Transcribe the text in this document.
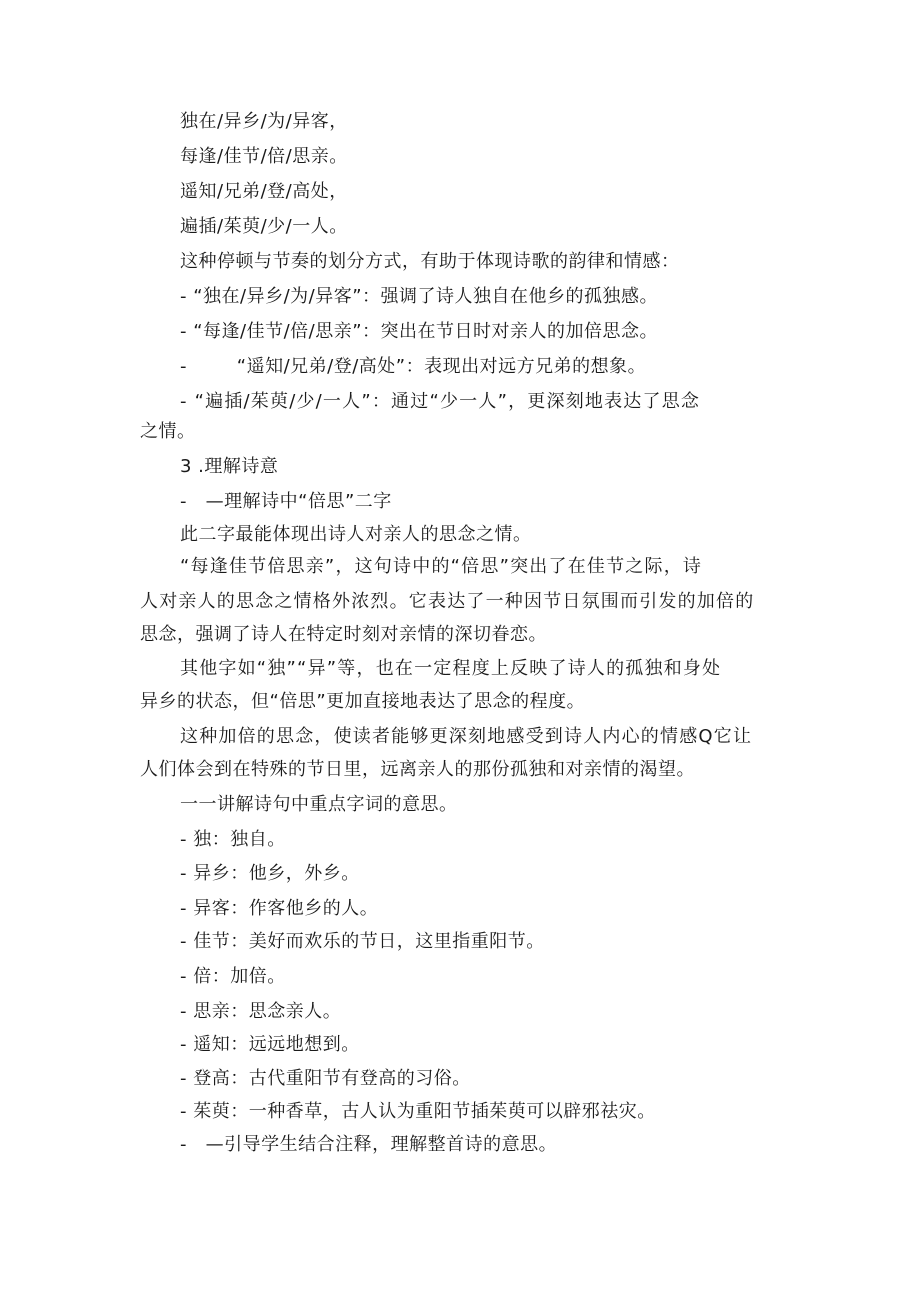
独在/异乡/为/异客，
每逢/佳节/倍/思亲。
遥知/兄弟/登/高处，
遍插/茱萸/少/一人。
这种停顿与节奏的划分方式，有助于体现诗歌的韵律和情感：
- “独在/异乡/为/异客”：强调了诗人独自在他乡的孤独感。
- “每逢/佳节/倍/思亲”：突出在节日时对亲人的加倍思念。
-        “遥知/兄弟/登/高处”：表现出对远方兄弟的想象。
- “遍插/茱萸/少/一人”：通过“少一人”，更深刻地表达了思念
之情。
3 .理解诗意
-   —理解诗中“倍思”二字
此二字最能体现出诗人对亲人的思念之情。
“每逢佳节倍思亲”，这句诗中的“倍思”突出了在佳节之际，诗
人对亲人的思念之情格外浓烈。它表达了一种因节日氛围而引发的加倍的
思念，强调了诗人在特定时刻对亲情的深切眷恋。
其他字如“独”“异”等，也在一定程度上反映了诗人的孤独和身处
异乡的状态，但“倍思”更加直接地表达了思念的程度。
这种加倍的思念，使读者能够更深刻地感受到诗人内心的情感Q它让
人们体会到在特殊的节日里，远离亲人的那份孤独和对亲情的渴望。
一一讲解诗句中重点字词的意思。
- 独：独自。
- 异乡：他乡，外乡。
- 异客：作客他乡的人。
- 佳节：美好而欢乐的节日，这里指重阳节。
- 倍：加倍。
- 思亲：思念亲人。
- 遥知：远远地想到。
- 登高：古代重阳节有登高的习俗。
- 茱萸：一种香草，古人认为重阳节插茱萸可以辟邪祛灾。
-   —引导学生结合注释，理解整首诗的意思。
